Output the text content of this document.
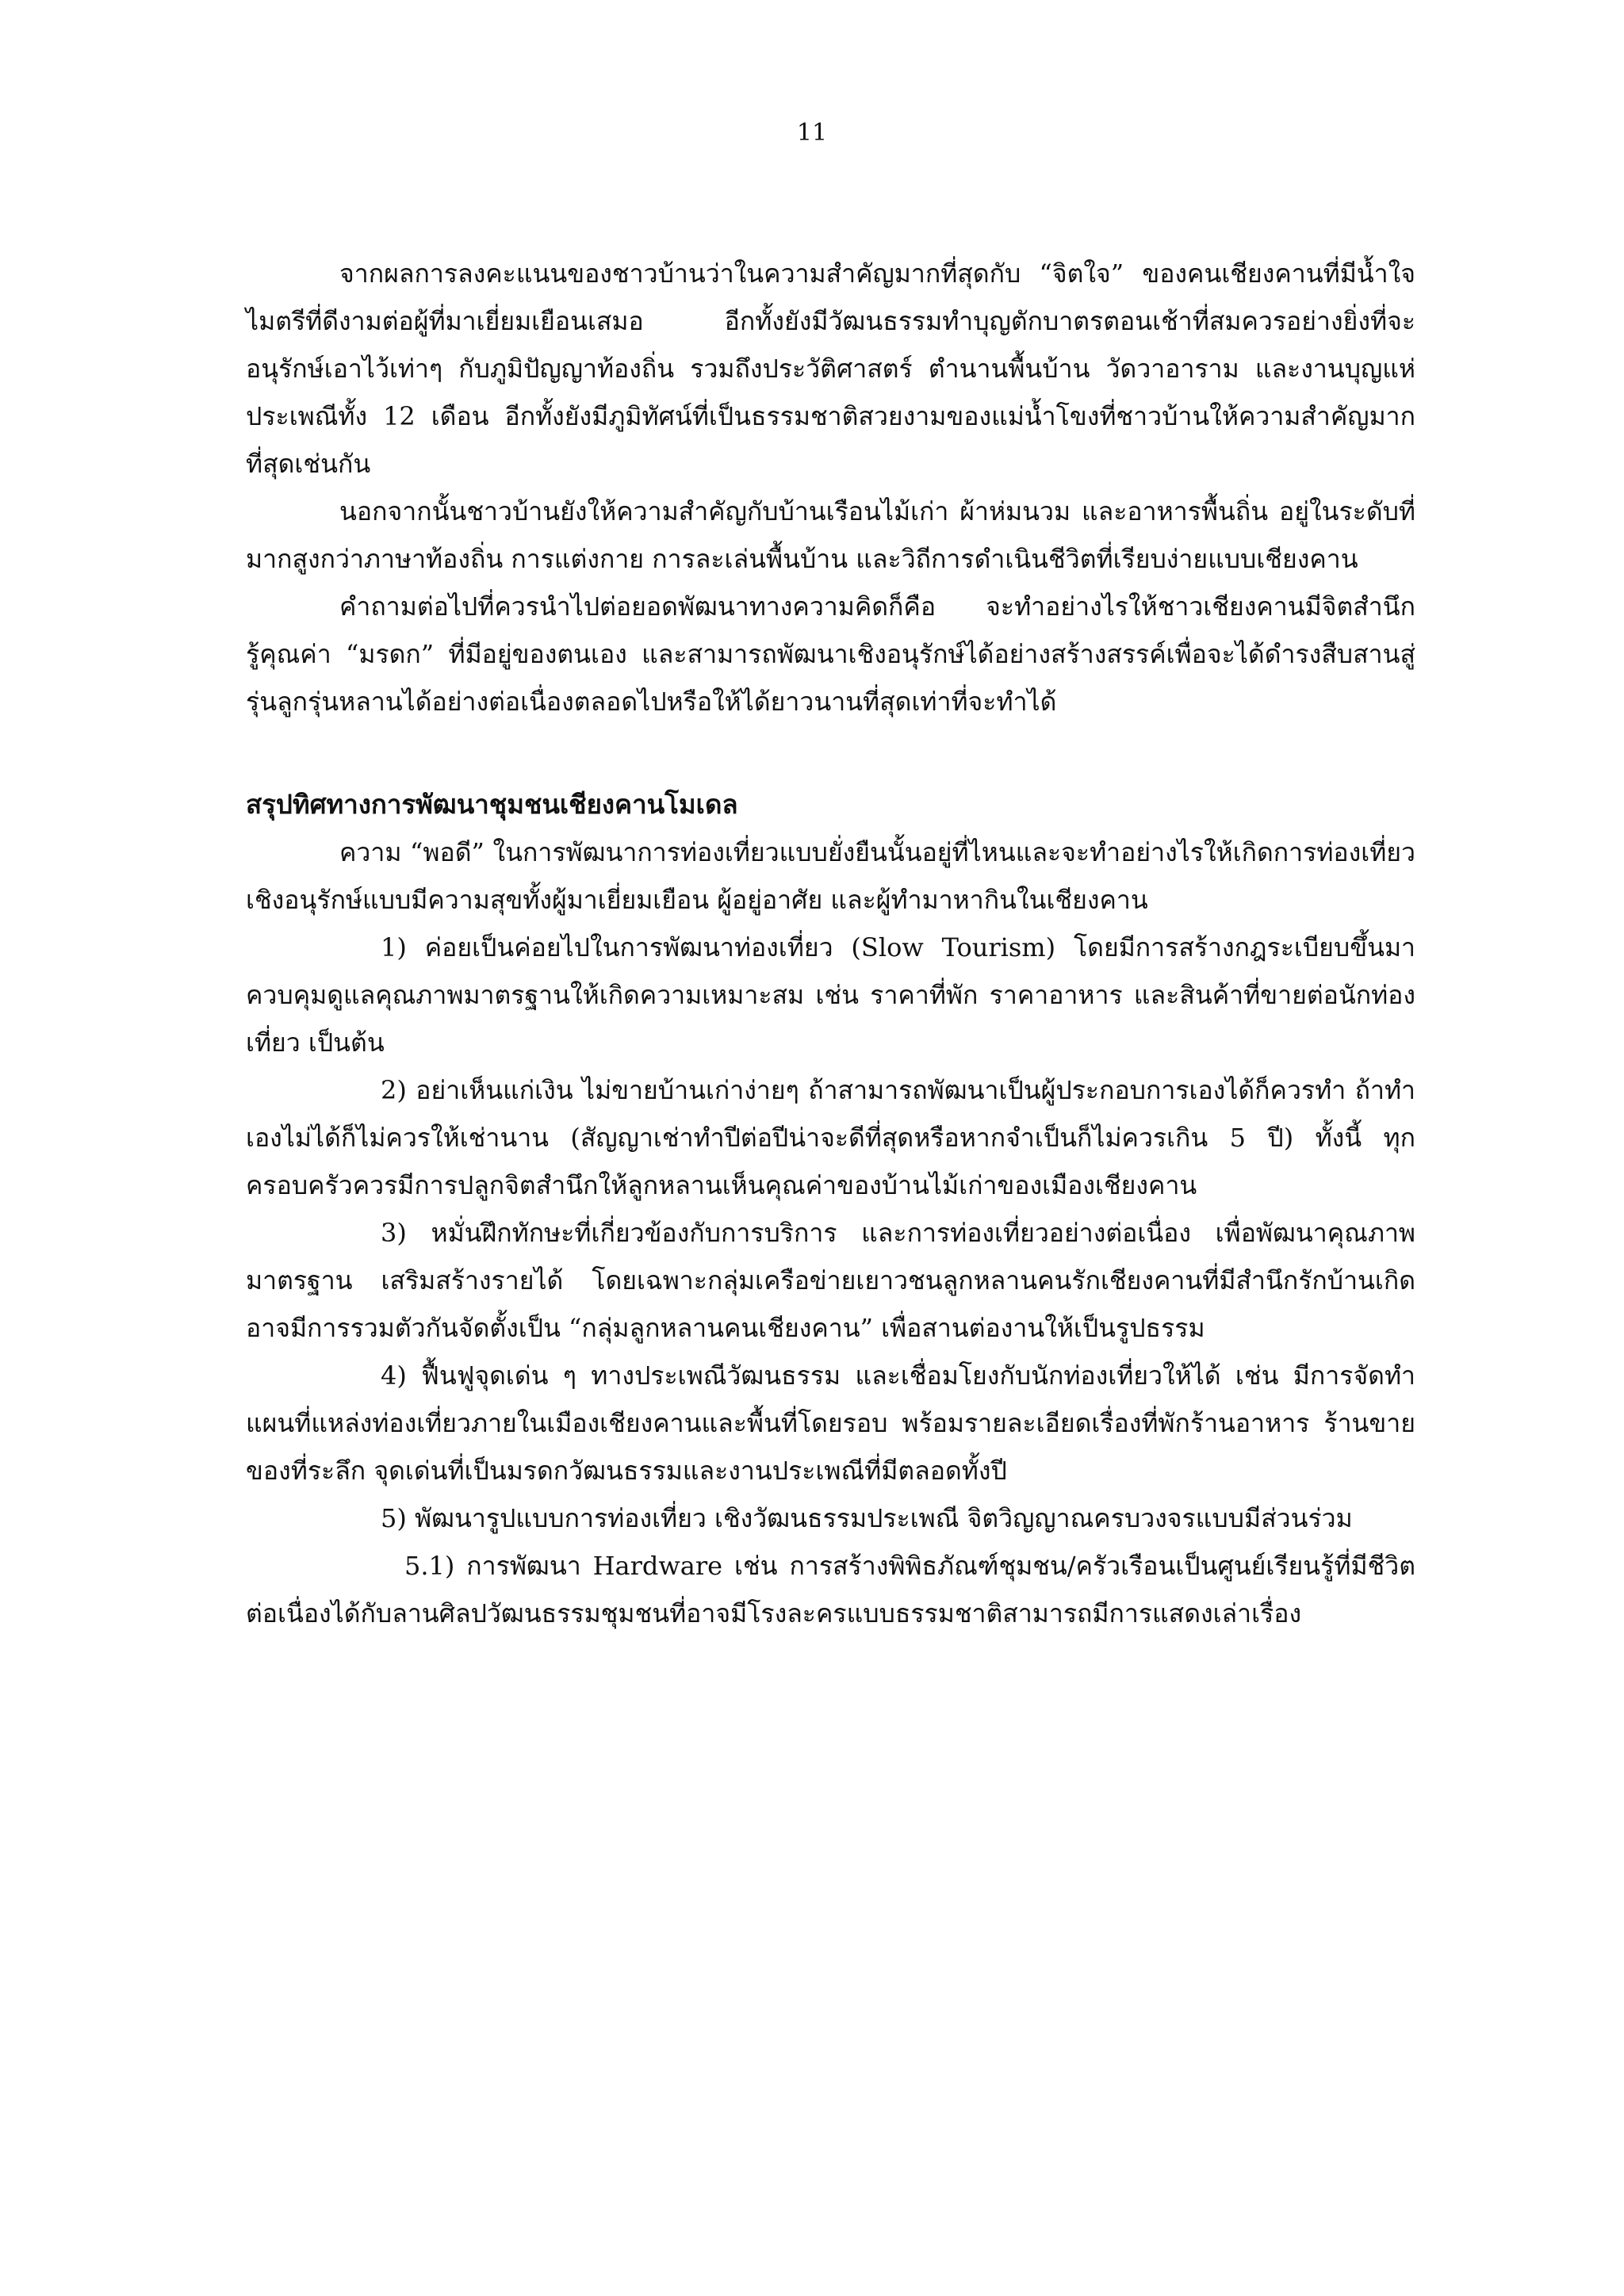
11

จากผลการลงคะแนนของชาวบ้านว่าในความสำคัญมากที่สุดกับ “จิตใจ” ของคนเชียงคานที่มีน้ำใจไมตรีที่ดีงามต่อผู้ที่มาเยี่ยมเยือนเสมอ อีกทั้งยังมีวัฒนธรรมทำบุญตักบาตรตอนเช้าที่สมควรอย่างยิ่งที่จะอนุรักษ์เอาไว้เท่าๆ กับภูมิปัญญาท้องถิ่น รวมถึงประวัติศาสตร์ ตำนานพื้นบ้าน วัดวาอาราม และงานบุญแห่ประเพณีทั้ง 12 เดือน อีกทั้งยังมีภูมิทัศน์ที่เป็นธรรมชาติสวยงามของแม่น้ำโขงที่ชาวบ้านให้ความสำคัญมากที่สุดเช่นกัน

นอกจากนั้นชาวบ้านยังให้ความสำคัญกับบ้านเรือนไม้เก่า ผ้าห่มนวม และอาหารพื้นถิ่น อยู่ในระดับที่มากสูงกว่าภาษาท้องถิ่น การแต่งกาย การละเล่นพื้นบ้าน และวิถีการดำเนินชีวิตที่เรียบง่ายแบบเชียงคาน

คำถามต่อไปที่ควรนำไปต่อยอดพัฒนาทางความคิดก็คือ จะทำอย่างไรให้ชาวเชียงคานมีจิตสำนึก รู้คุณค่า “มรดก” ที่มีอยู่ของตนเอง และสามารถพัฒนาเชิงอนุรักษ์ได้อย่างสร้างสรรค์เพื่อจะได้ดำรงสืบสานสู่รุ่นลูกรุ่นหลานได้อย่างต่อเนื่องตลอดไปหรือให้ได้ยาวนานที่สุดเท่าที่จะทำได้

สรุปทิศทางการพัฒนาชุมชนเชียงคานโมเดล

ความ “พอดี” ในการพัฒนาการท่องเที่ยวแบบยั่งยืนนั้นอยู่ที่ไหนและจะทำอย่างไรให้เกิดการท่องเที่ยวเชิงอนุรักษ์แบบมีความสุขทั้งผู้มาเยี่ยมเยือน ผู้อยู่อาศัย และผู้ทำมาหากินในเชียงคาน

1) ค่อยเป็นค่อยไปในการพัฒนาท่องเที่ยว (Slow Tourism) โดยมีการสร้างกฎระเบียบขึ้นมาควบคุมดูแลคุณภาพมาตรฐานให้เกิดความเหมาะสม เช่น ราคาที่พัก ราคาอาหาร และสินค้าที่ขายต่อนักท่องเที่ยว เป็นต้น

2) อย่าเห็นแก่เงิน ไม่ขายบ้านเก่าง่ายๆ ถ้าสามารถพัฒนาเป็นผู้ประกอบการเองได้ก็ควรทำ ถ้าทำเองไม่ได้ก็ไม่ควรให้เช่านาน (สัญญาเช่าทำปีต่อปีน่าจะดีที่สุดหรือหากจำเป็นก็ไม่ควรเกิน 5 ปี) ทั้งนี้ ทุกครอบครัวควรมีการปลูกจิตสำนึกให้ลูกหลานเห็นคุณค่าของบ้านไม้เก่าของเมืองเชียงคาน

3) หมั่นฝึกทักษะที่เกี่ยวข้องกับการบริการ และการท่องเที่ยวอย่างต่อเนื่อง เพื่อพัฒนาคุณภาพมาตรฐาน เสริมสร้างรายได้ โดยเฉพาะกลุ่มเครือข่ายเยาวชนลูกหลานคนรักเชียงคานที่มีสำนึกรักบ้านเกิดอาจมีการรวมตัวกันจัดตั้งเป็น “กลุ่มลูกหลานคนเชียงคาน” เพื่อสานต่องานให้เป็นรูปธรรม

4) ฟื้นฟูจุดเด่น ๆ ทางประเพณีวัฒนธรรม และเชื่อมโยงกับนักท่องเที่ยวให้ได้ เช่น มีการจัดทำแผนที่แหล่งท่องเที่ยวภายในเมืองเชียงคานและพื้นที่โดยรอบ พร้อมรายละเอียดเรื่องที่พักร้านอาหาร ร้านขายของที่ระลึก จุดเด่นที่เป็นมรดกวัฒนธรรมและงานประเพณีที่มีตลอดทั้งปี

5) พัฒนารูปแบบการท่องเที่ยว เชิงวัฒนธรรมประเพณี จิตวิญญาณครบวงจรแบบมีส่วนร่วม

5.1) การพัฒนา Hardware เช่น การสร้างพิพิธภัณฑ์ชุมชน/ครัวเรือนเป็นศูนย์เรียนรู้ที่มีชีวิตต่อเนื่องได้กับลานศิลปวัฒนธรรมชุมชนที่อาจมีโรงละครแบบธรรมชาติสามารถมีการแสดงเล่าเรื่อง
